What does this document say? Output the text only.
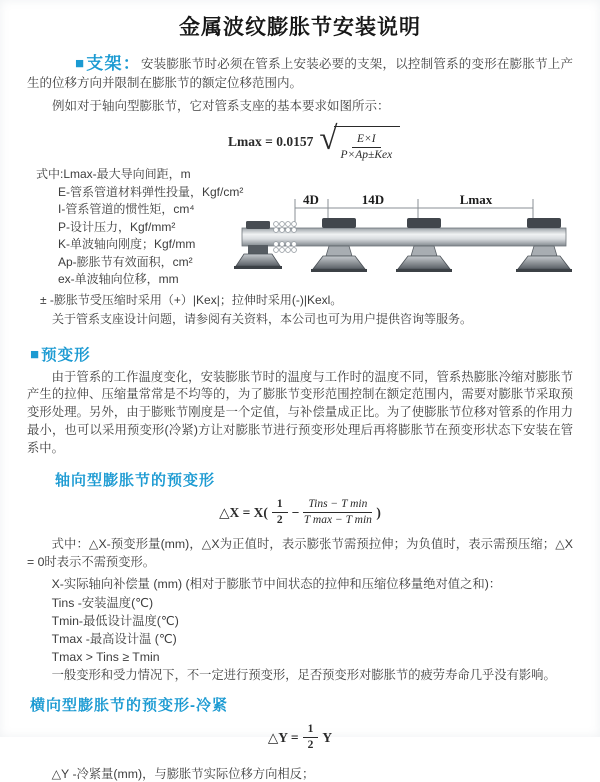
金属波纹膨胀节安装说明

■支架：安装膨胀节时必须在管系上安装必要的支架，以控制管系的变形在膨胀节上产生的位移方向并限制在膨胀节的额定位移范围内。

例如对于轴向型膨胀节，它对管系支座的基本要求如图所示：

Lmax = 0.0157 √ $\frac{E\times I}{\text{P×Ap±Kex}}$
式中:Lmax-最大导向间距，m
E-管系管道材料弹性投量，Kgf/cm²
I-管系管道的惯性矩，cm⁴
P-设计压力，Kgf/mm²
K-单波轴向刚度；Kgf/mm
Ap-膨胀节有效面积，cm²
ex-单波轴向位移，mm
± -膨胀节受压缩时采用（+）|Kex|；拉伸时采用(-)|Kexl。
关于管系支座设计问题，请参阅有关资料，本公司也可为用户提供咨询等服务。
4D	14D	Lmax
■预变形

由于管系的工作温度变化，安装膨胀节时的温度与工作时的温度不同，管系热膨胀冷缩对膨胀节产生的拉伸、压缩量常常是不均等的，为了膨胀节变形范围控制在额定范围内，需要对膨胀节采取预变形处理。另外，由于膨账节刚度是一个定值，与补偿量成正比。为了使膨胀节位移对管系的作用力最小，也可以采用预变形(冷紧)方让对膨胀节进行预变形处理后再将膨胀节在预变形状态下安装在管系中。

轴向型膨胀节的预变形
△X = $X( \frac{1}{2} - \frac{\text{Tins − T min}}{\text{T max − T min}}$ )

式中：△X-预变形量(mm)，△X为正值时，表示膨张节需预拉伸；为负值时，表示需预压缩；△X = 0时表示不需预变形。

X-实际轴向补偿量 (mm) (相对于膨胀节中间状态的拉伸和压缩位移量绝对值之和)：
Tins -安装温度(℃)
Tmin-最低设计温度(℃)
Tmax -最高设计温 (℃)
Tmax > Tins ≥ Tmin
一般变形和受力情况下，不一定进行预变形，足否预变形对膨胀节的疲劳寿命几乎没有影响。
横向型膨胀节的预变形-冷紧
△Y = $\frac{1}{2}$ Y
△Y -冷紧量(mm)，与膨胀节实际位移方向相反；
